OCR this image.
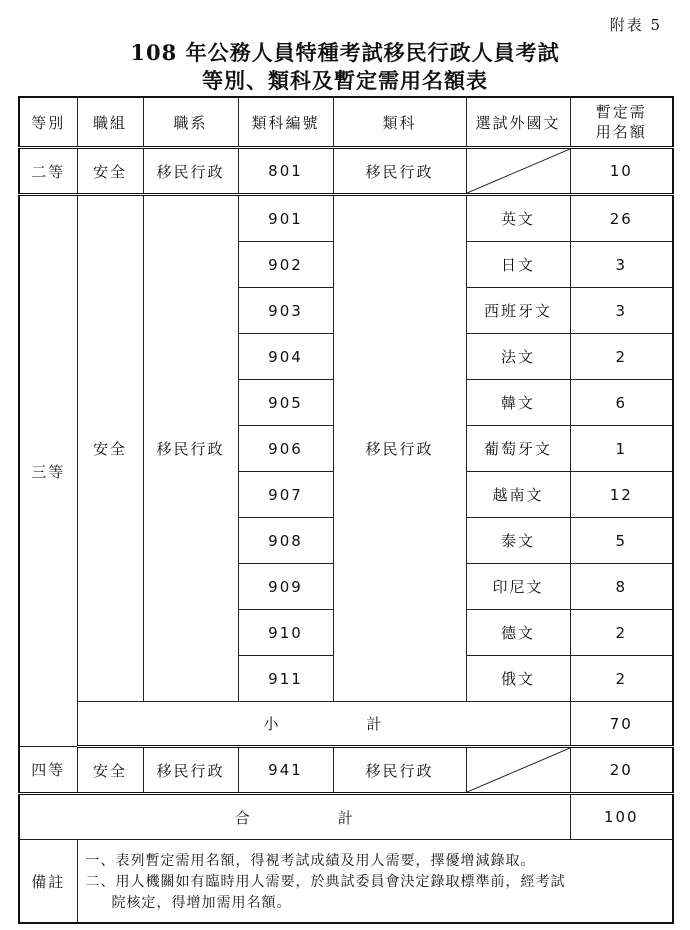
附表 5
108 年公務人員特種考試移民行政人員考試
等別、類科及暫定需用名額表
等別	職組	職系	類科編號	類科	選試外國文	暫定需
用名額
二等	安全	移民行政	801	移民行政		10
三等	安全	移民行政	901	移民行政	英文	26
			902		日文	3
			903		西班牙文	3
			904		法文	2
			905		韓文	6
			906		葡萄牙文	1
			907		越南文	12
			908		泰文	5
			909		印尼文	8
			910		德文	2
			911		俄文	2
	小 計					70
四等	安全	移民行政	941	移民行政		20
合 計						100
備註	一、表列暫定需用名額，得視考試成績及用人需要，擇優增減錄取。
二、用人機關如有臨時用人需要，於典試委員會決定錄取標準前，經考試
院核定，得增加需用名額。					
